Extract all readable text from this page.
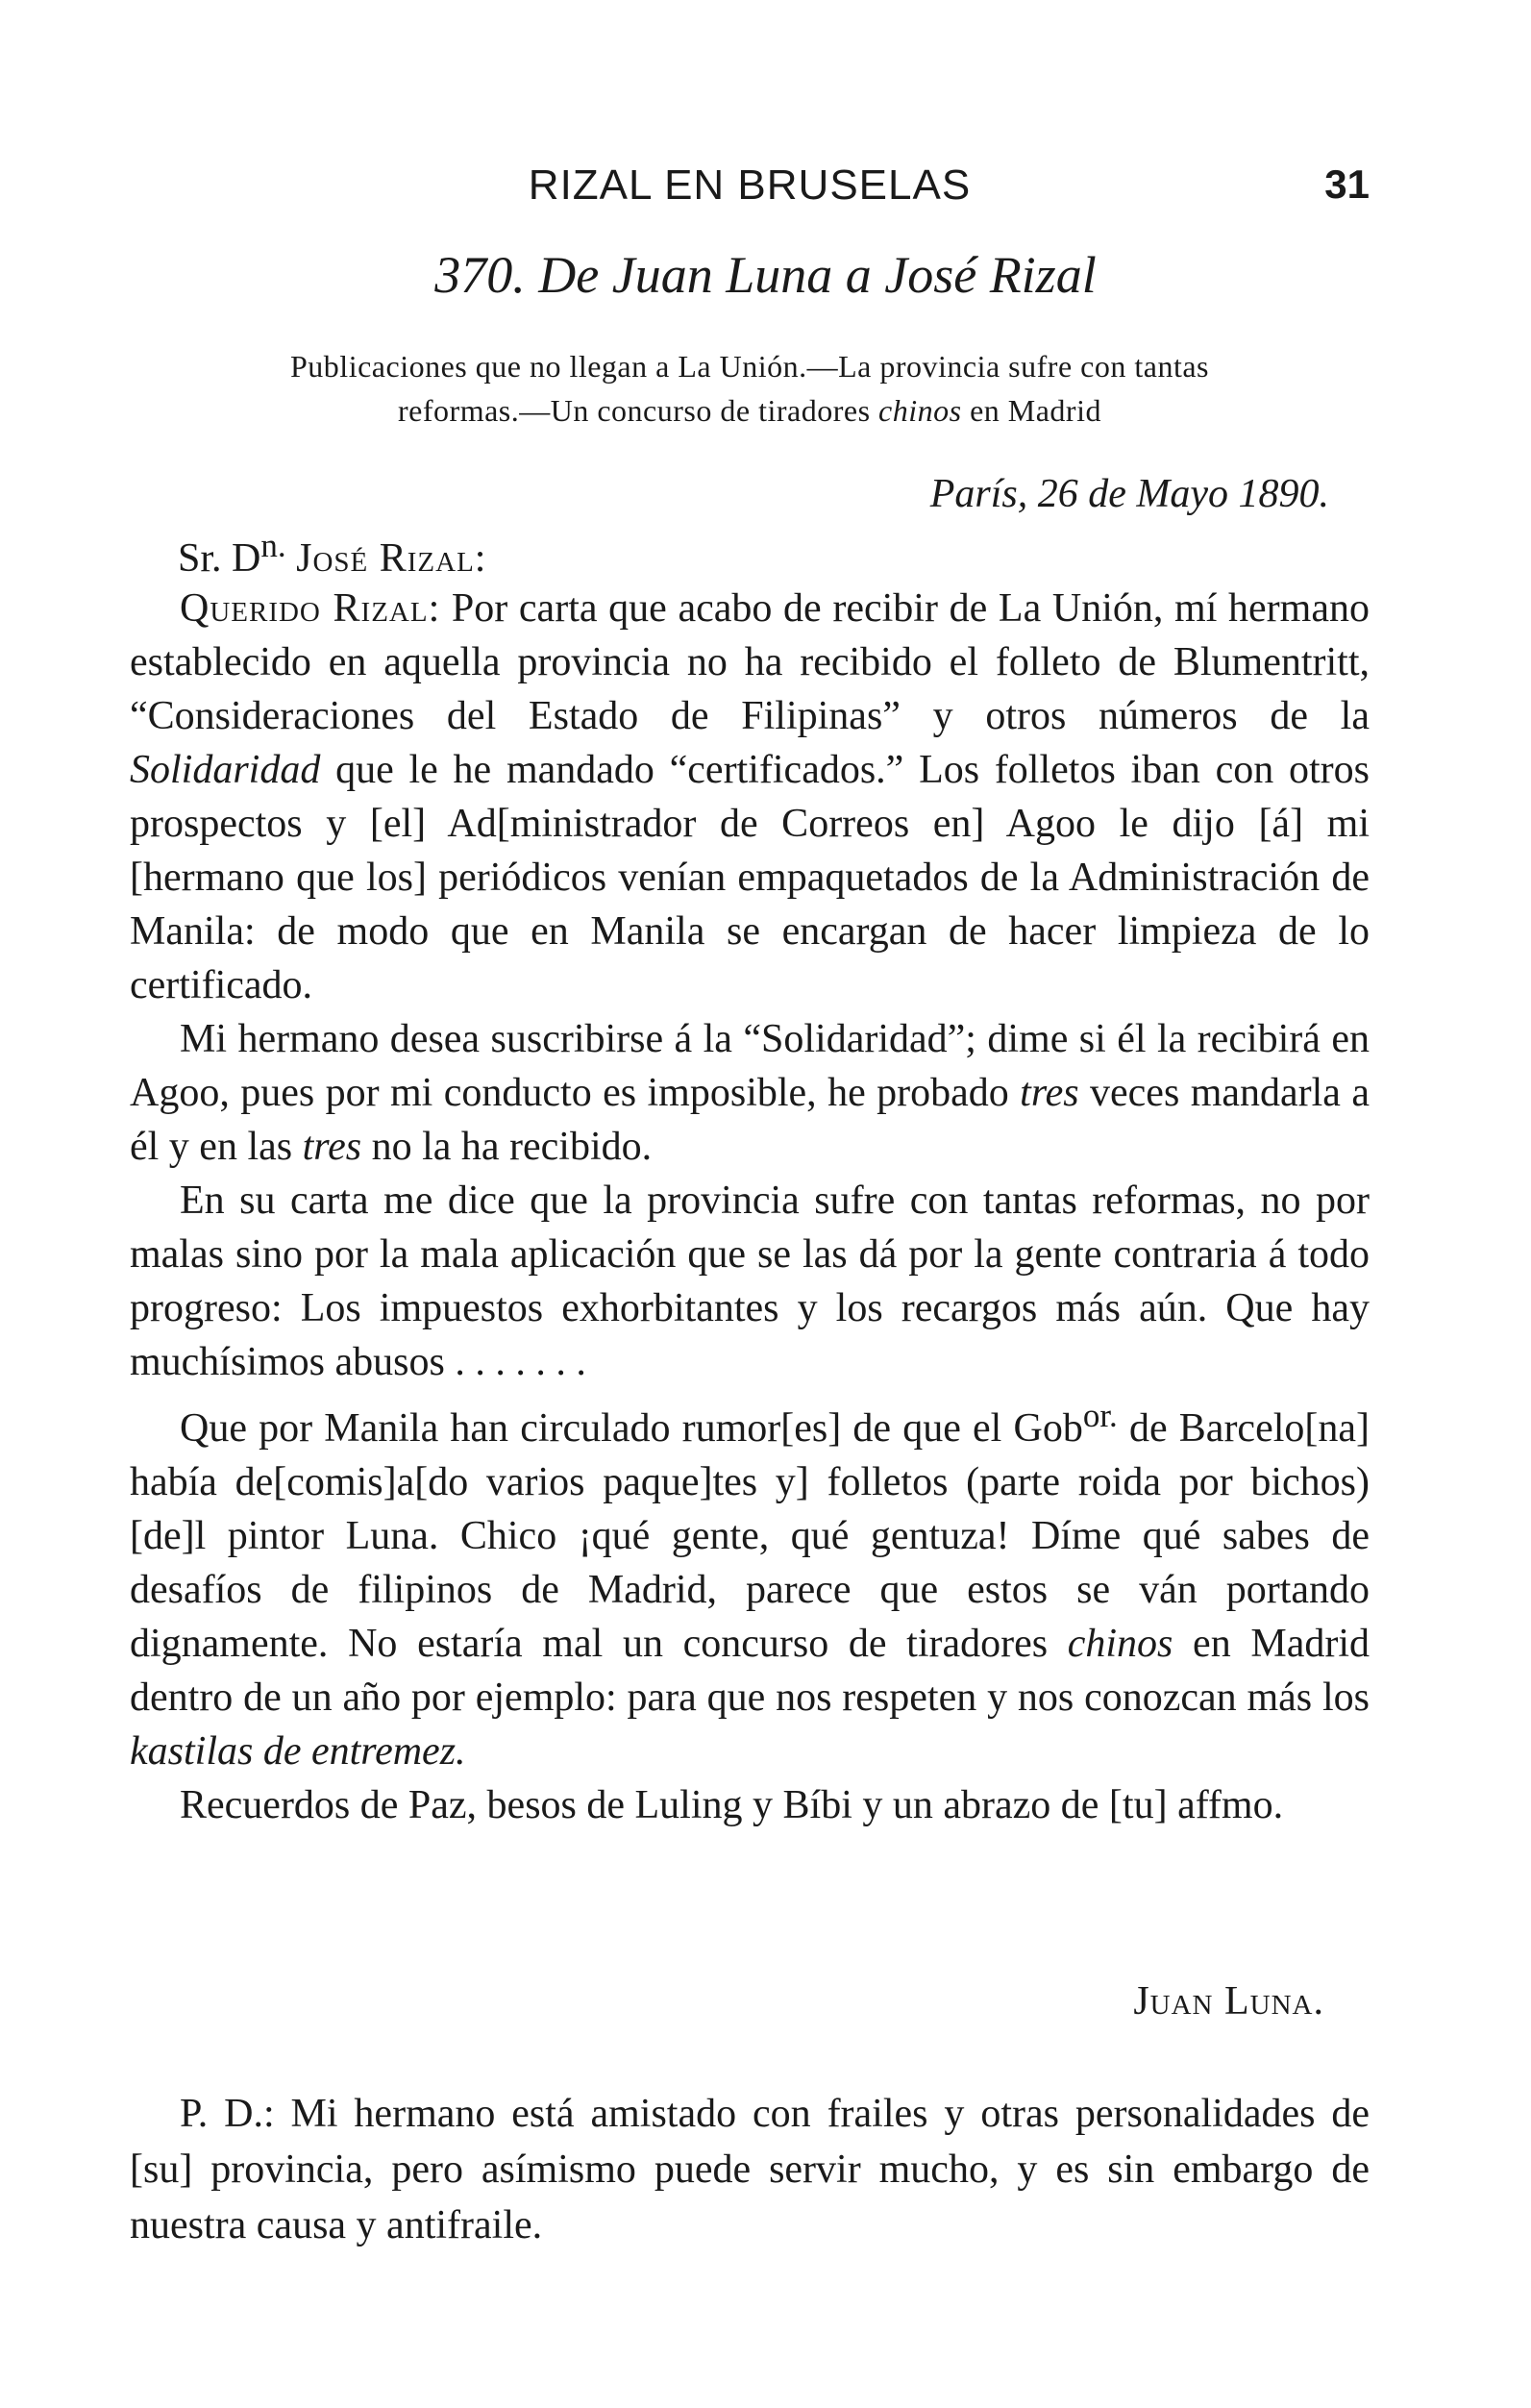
RIZAL EN BRUSELAS	31
370. De Juan Luna a José Rizal
Publicaciones que no llegan a La Unión.—La provincia sufre con tantas
reformas.—Un concurso de tiradores chinos en Madrid
París, 26 de Mayo 1890.
Sr. $D^{n.}$ José Rizal:

Querido Rizal: Por carta que acabo de recibir de La Unión, mí hermano establecido en aquella provincia no ha recibido el folleto de Blumentritt, “Consideraciones del Estado de Filipinas” y otros números de la Solidaridad que le he mandado “certificados.” Los folletos iban con otros prospectos y [el] Ad[ministrador de Correos en] Agoo le dijo [á] mi [hermano que los] periódicos venían empaquetados de la Administración de Manila: de modo que en Manila se encargan de hacer limpieza de lo certificado.

Mi hermano desea suscribirse á la “Solidaridad”; dime si él la recibirá en Agoo, pues por mi conducto es imposible, he probado tres veces mandarla a él y en las tres no la ha recibido.

En su carta me dice que la provincia sufre con tantas reformas, no por malas sino por la mala aplicación que se las dá por la gente contraria á todo progreso: Los impuestos exhorbitantes y los recargos más aún. Que hay muchísimos abusos . . . . . . .

Que por Manila han circulado rumor[es] de que el Gob$^{or.}$ de Barcelo[na] había de[comis]a[do varios paque]tes y] folletos (parte roida por bichos) [de]l pintor Luna. Chico ¡qué gente, qué gentuza! Díme qué sabes de desafíos de filipinos de Madrid, parece que estos se ván portando dignamente. No estaría mal un concurso de tiradores chinos en Madrid dentro de un año por ejemplo: para que nos respeten y nos conozcan más los kastilas de entremez.

Recuerdos de Paz, besos de Luling y Bíbi y un abrazo de [tu] affmo.

Juan Luna.

P. D.: Mi hermano está amistado con frailes y otras personalidades de [su] provincia, pero asímismo puede servir mucho, y es sin embargo de nuestra causa y antifraile.
